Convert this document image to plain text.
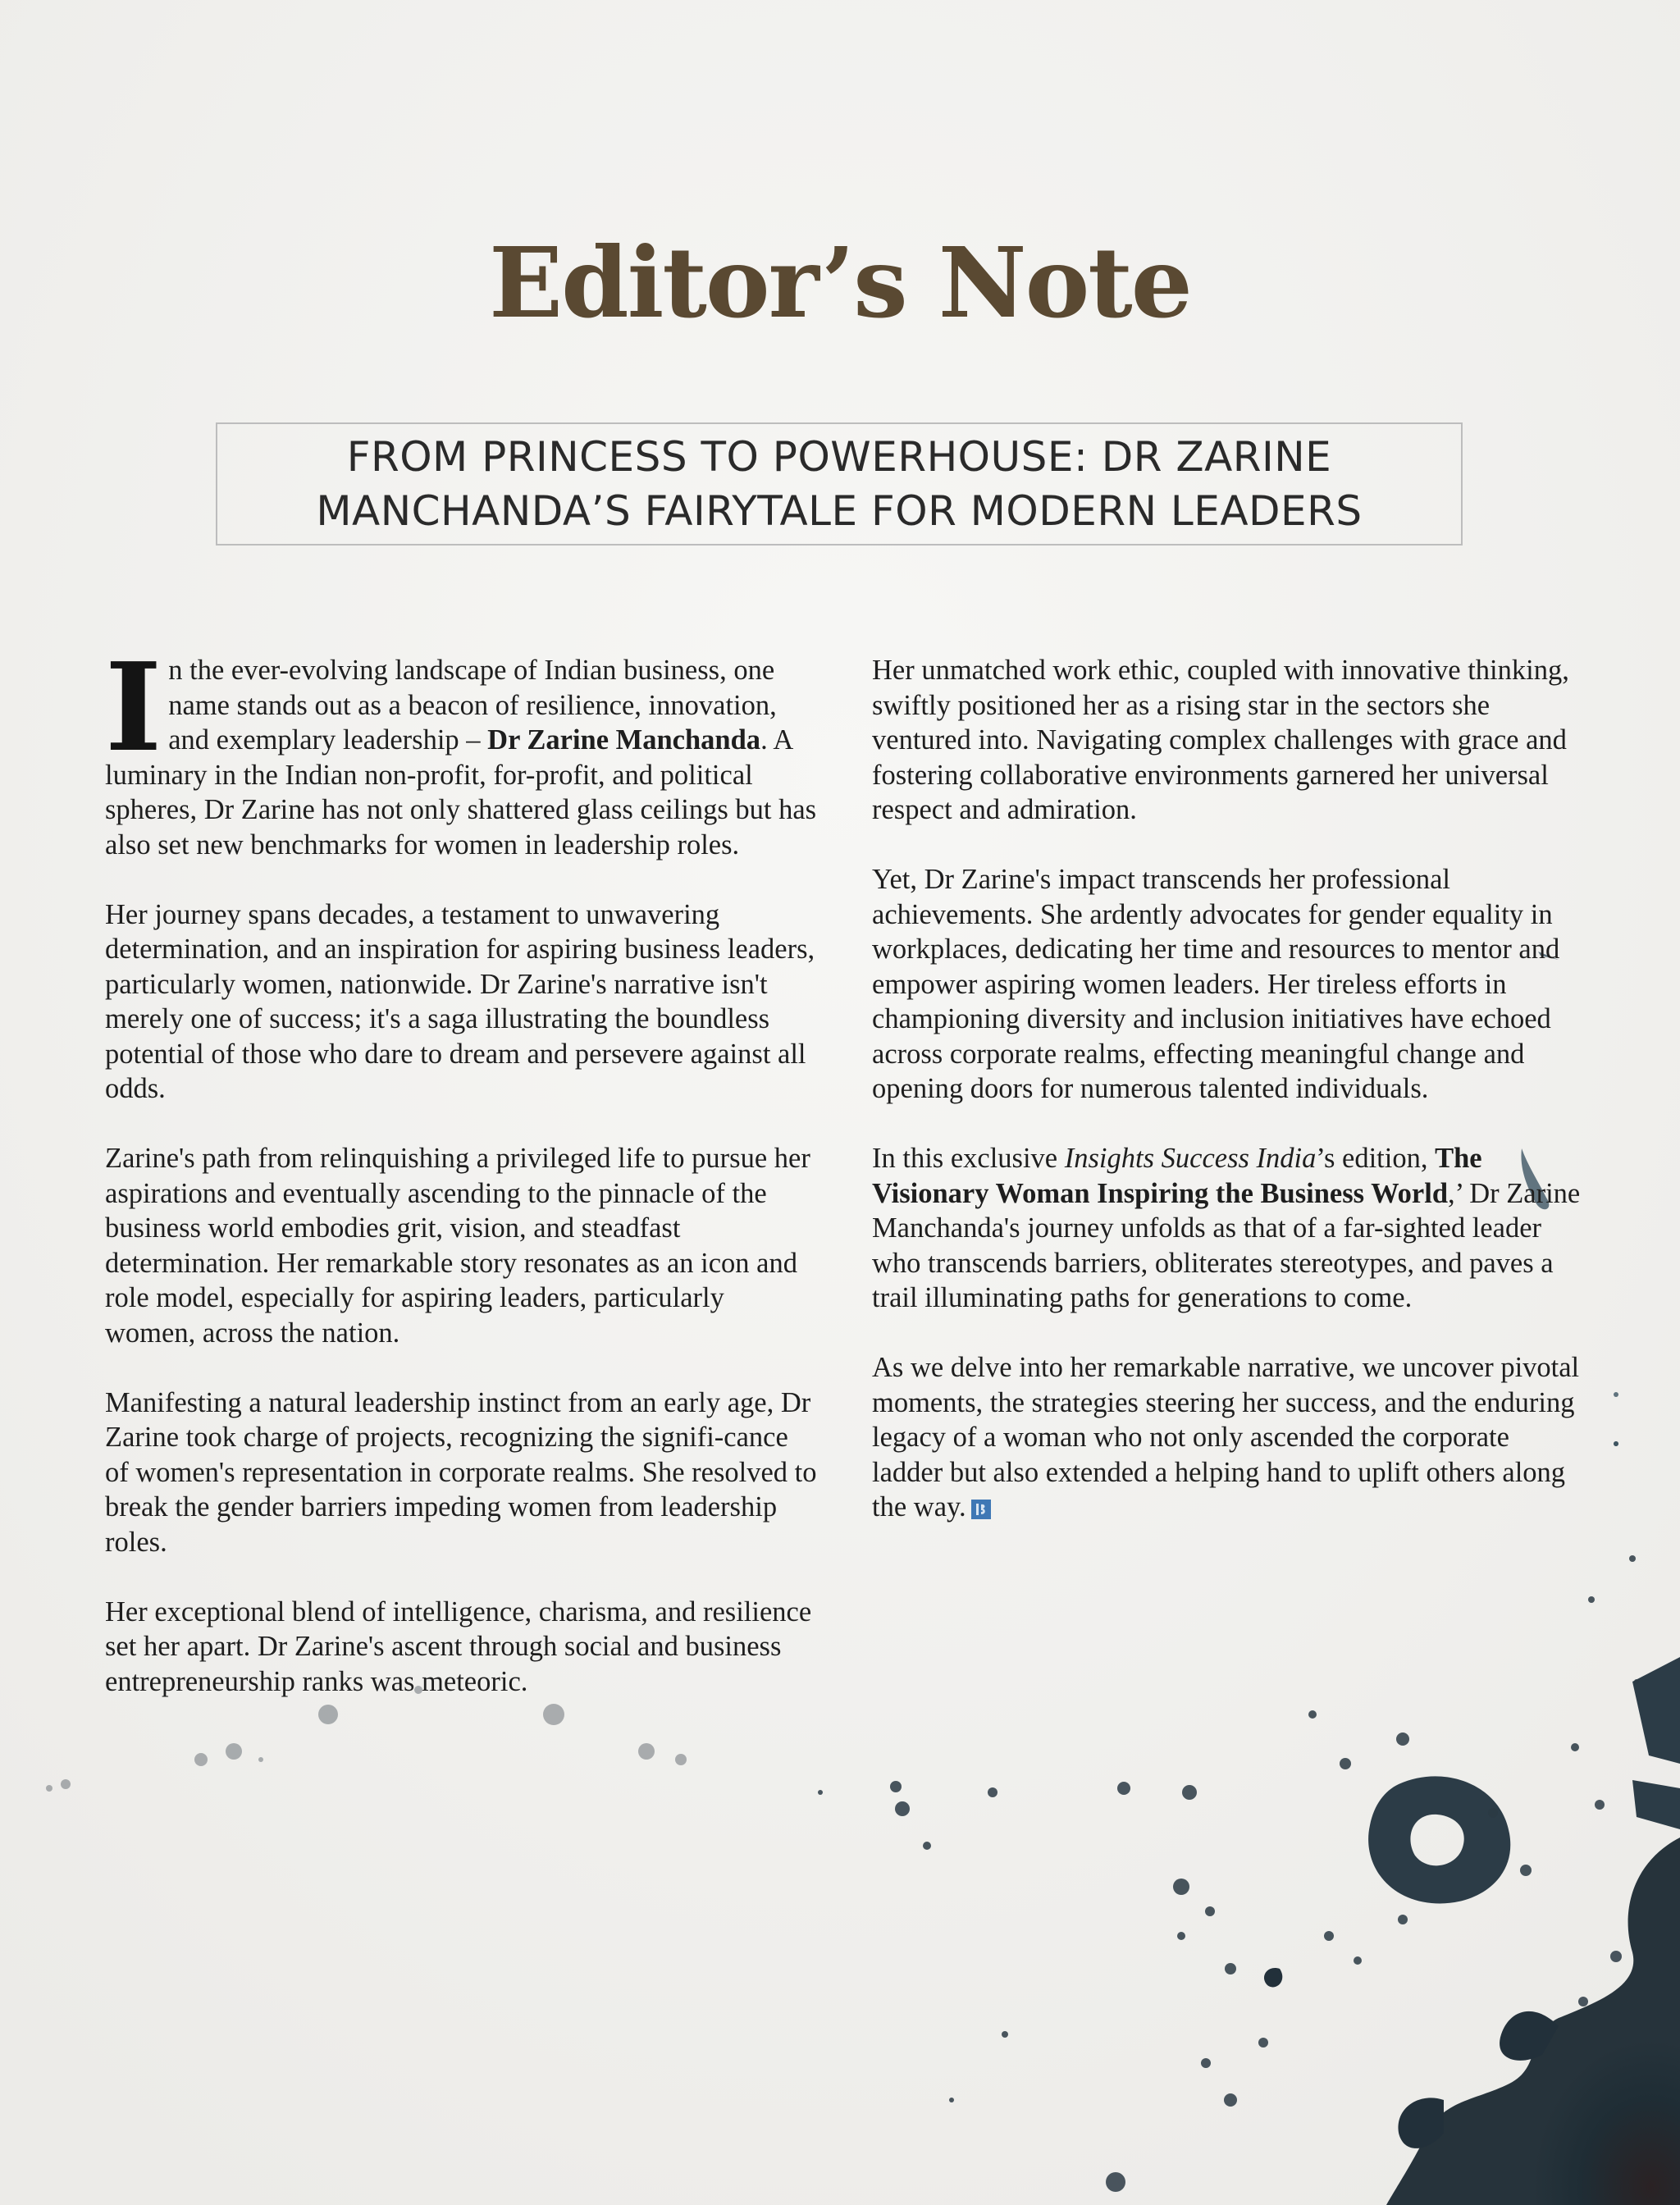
Editor’s Note
FROM PRINCESS TO POWERHOUSE: DR ZARINE
MANCHANDA’S FAIRYTALE FOR MODERN LEADERS

In the ever-evolving landscape of Indian business, one name stands out as a beacon of resilience, innovation, and exemplary leadership – Dr Zarine Manchanda. A luminary in the Indian non-profit, for-profit, and political spheres, Dr Zarine has not only shattered glass ceilings but has also set new benchmarks for women in leadership roles.

Her journey spans decades, a testament to unwavering determination, and an inspiration for aspiring business leaders, particularly women, nationwide. Dr Zarine's narrative isn't merely one of success; it's a saga illustrating the boundless potential of those who dare to dream and persevere against all odds.

Zarine's path from relinquishing a privileged life to pursue her aspirations and eventually ascending to the pinnacle of the business world embodies grit, vision, and steadfast determination. Her remarkable story resonates as an icon and role model, especially for aspiring leaders, particularly women, across the nation.

Manifesting a natural leadership instinct from an early age, Dr Zarine took charge of projects, recognizing the signifi-cance of women's representation in corporate realms. She resolved to break the gender barriers impeding women from leadership roles.

Her exceptional blend of intelligence, charisma, and resilience set her apart. Dr Zarine's ascent through social and business entrepreneurship ranks was meteoric.

Her unmatched work ethic, coupled with innovative thinking, swiftly positioned her as a rising star in the sectors she ventured into. Navigating complex challenges with grace and fostering collaborative environments garnered her universal respect and admiration.

Yet, Dr Zarine's impact transcends her professional achievements. She ardently advocates for gender equality in workplaces, dedicating her time and resources to mentor and empower aspiring women leaders. Her tireless efforts in championing diversity and inclusion initiatives have echoed across corporate realms, effecting meaningful change and opening doors for numerous talented individuals.

In this exclusive Insights Success India’s edition, The Visionary Woman Inspiring the Business World,’ Dr Zarine Manchanda's journey unfolds as that of a far-sighted leader who transcends barriers, obliterates stereotypes, and paves a trail illuminating paths for generations to come.

As we delve into her remarkable narrative, we uncover pivotal moments, the strategies steering her success, and the enduring legacy of a woman who not only ascended the corporate ladder but also extended a helping hand to uplift others along the way.
